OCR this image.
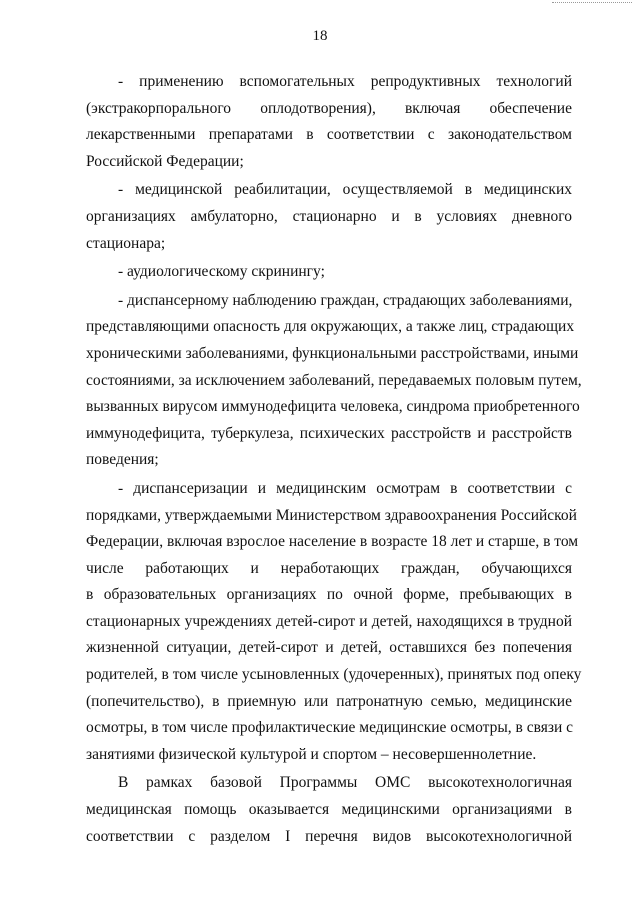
18
- применению вспомогательных репродуктивных технологий
(экстракорпорального оплодотворения), включая обеспечение
лекарственными препаратами в соответствии с законодательством
Российской Федерации;
- медицинской реабилитации, осуществляемой в медицинских
организациях амбулаторно, стационарно и в условиях дневного
стационара;
- аудиологическому скринингу;
- диспансерному наблюдению граждан, страдающих заболеваниями,
представляющими опасность для окружающих, а также лиц, страдающих
хроническими заболеваниями, функциональными расстройствами, иными
состояниями, за исключением заболеваний, передаваемых половым путем,
вызванных вирусом иммунодефицита человека, синдрома приобретенного
иммунодефицита, туберкулеза, психических расстройств и расстройств
поведения;
- диспансеризации и медицинским осмотрам в соответствии с
порядками, утверждаемыми Министерством здравоохранения Российской
Федерации, включая взрослое население в возрасте 18 лет и старше, в том
числе работающих и неработающих граждан, обучающихся
в образовательных организациях по очной форме, пребывающих в
стационарных учреждениях детей-сирот и детей, находящихся в трудной
жизненной ситуации, детей-сирот и детей, оставшихся без попечения
родителей, в том числе усыновленных (удочеренных), принятых под опеку
(попечительство), в приемную или патронатную семью, медицинские
осмотры, в том числе профилактические медицинские осмотры, в связи с
занятиями физической культурой и спортом – несовершеннолетние.
В рамках базовой Программы ОМС высокотехнологичная
медицинская помощь оказывается медицинскими организациями в
соответствии с разделом I перечня видов высокотехнологичной
